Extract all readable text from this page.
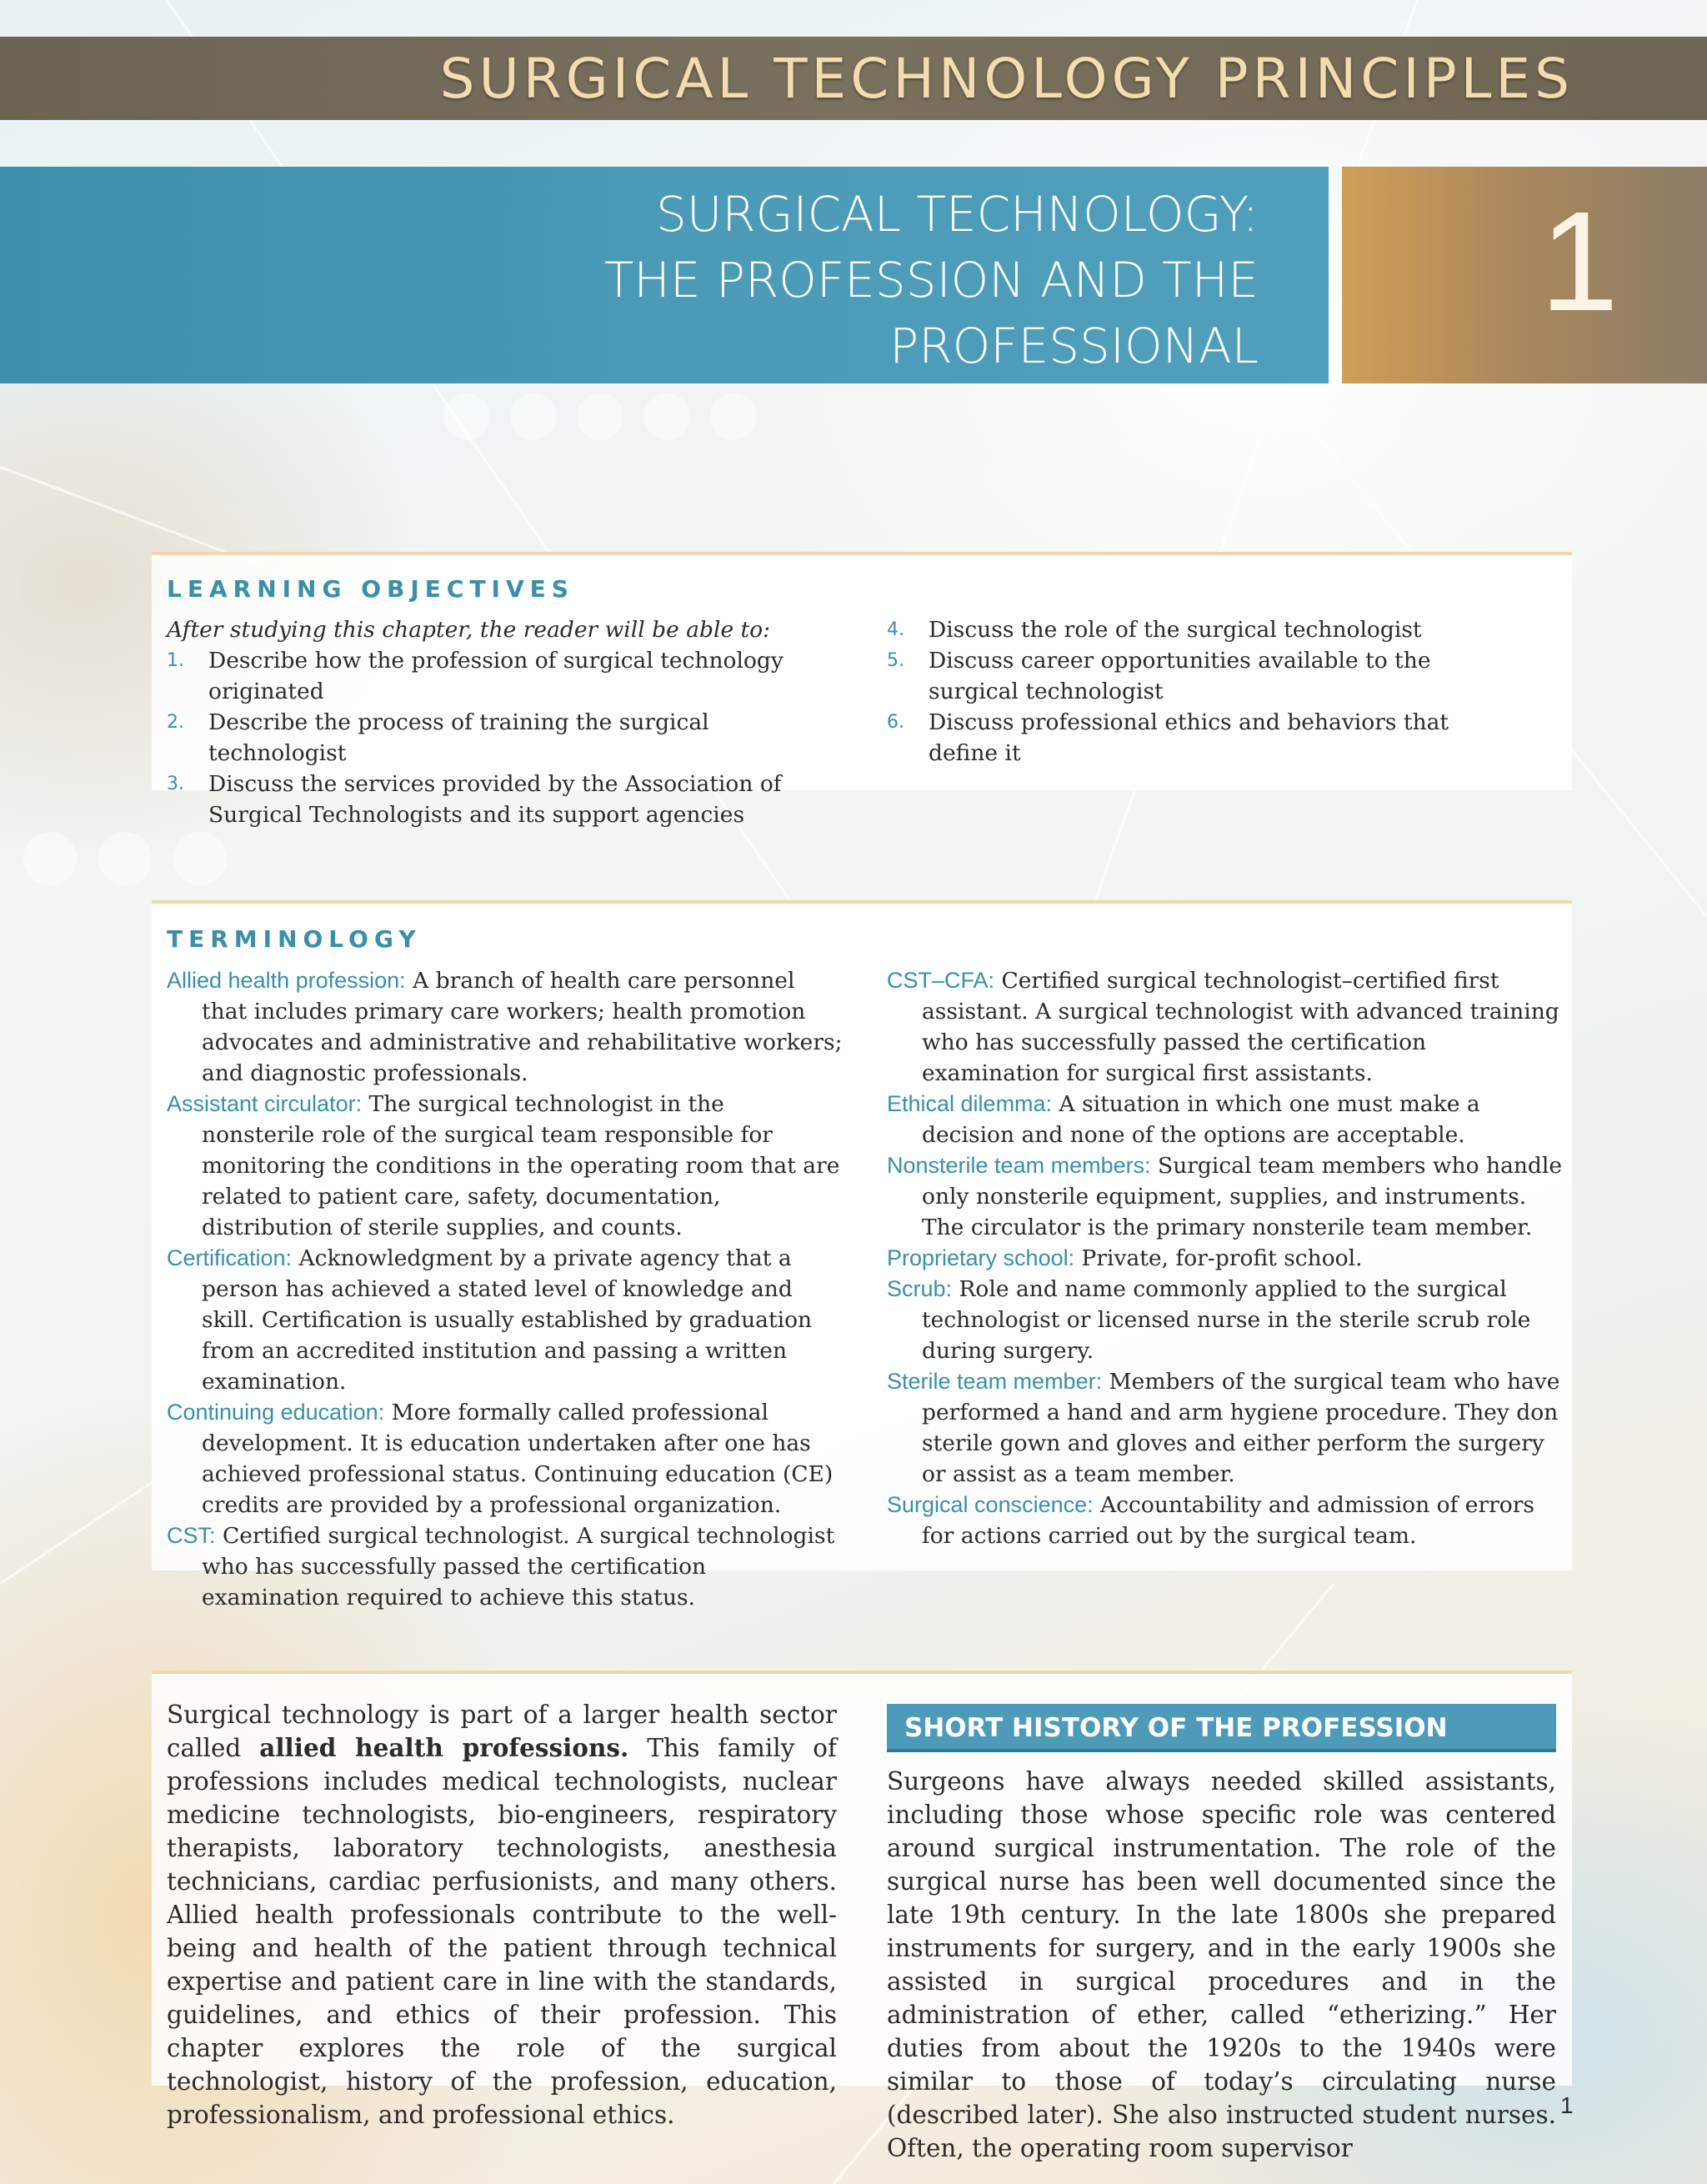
SURGICAL TECHNOLOGY PRINCIPLES
SURGICAL TECHNOLOGY:
THE PROFESSION AND THE
PROFESSIONAL
1
LEARNING OBJECTIVES
After studying this chapter, the reader will be able to:
1. Describe how the profession of surgical technology originated
2. Describe the process of training the surgical technologist
3. Discuss the services provided by the Association of Surgical Technologists and its support agencies
4. Discuss the role of the surgical technologist
5. Discuss career opportunities available to the surgical technologist
6. Discuss professional ethics and behaviors that define it
TERMINOLOGY
Allied health profession: A branch of health care personnel that includes primary care workers; health promotion advocates and administrative and rehabilitative workers; and diagnostic professionals.
Assistant circulator: The surgical technologist in the nonsterile role of the surgical team responsible for monitoring the conditions in the operating room that are related to patient care, safety, documentation, distribution of sterile supplies, and counts.
Certification: Acknowledgment by a private agency that a person has achieved a stated level of knowledge and skill. Certification is usually established by graduation from an accredited institution and passing a written examination.
Continuing education: More formally called professional development. It is education undertaken after one has achieved professional status. Continuing education (CE) credits are provided by a professional organization.
CST: Certified surgical technologist. A surgical technologist who has successfully passed the certification examination required to achieve this status.
CST–CFA: Certified surgical technologist–certified first assistant. A surgical technologist with advanced training who has successfully passed the certification examination for surgical first assistants.
Ethical dilemma: A situation in which one must make a decision and none of the options are acceptable.
Nonsterile team members: Surgical team members who handle only nonsterile equipment, supplies, and instruments. The circulator is the primary nonsterile team member.
Proprietary school: Private, for-profit school.
Scrub: Role and name commonly applied to the surgical technologist or licensed nurse in the sterile scrub role during surgery.
Sterile team member: Members of the surgical team who have performed a hand and arm hygiene procedure. They don sterile gown and gloves and either perform the surgery or assist as a team member.
Surgical conscience: Accountability and admission of errors for actions carried out by the surgical team.
Surgical technology is part of a larger health sector called allied health professions. This family of professions includes medical technologists, nuclear medicine technologists, bio-engineers, respiratory therapists, laboratory technologists, anesthesia technicians, cardiac perfusionists, and many others. Allied health professionals contribute to the well-being and health of the patient through technical expertise and patient care in line with the standards, guidelines, and ethics of their profession. This chapter explores the role of the surgical technologist, history of the profession, education, professionalism, and professional ethics.
SHORT HISTORY OF THE PROFESSION
Surgeons have always needed skilled assistants, including those whose specific role was centered around surgical instrumentation. The role of the surgical nurse has been well documented since the late 19th century. In the late 1800s she prepared instruments for surgery, and in the early 1900s she assisted in surgical procedures and in the administration of ether, called “etherizing.” Her duties from about the 1920s to the 1940s were similar to those of today’s circulating nurse (described later). She also instructed student nurses. Often, the operating room supervisor
1
